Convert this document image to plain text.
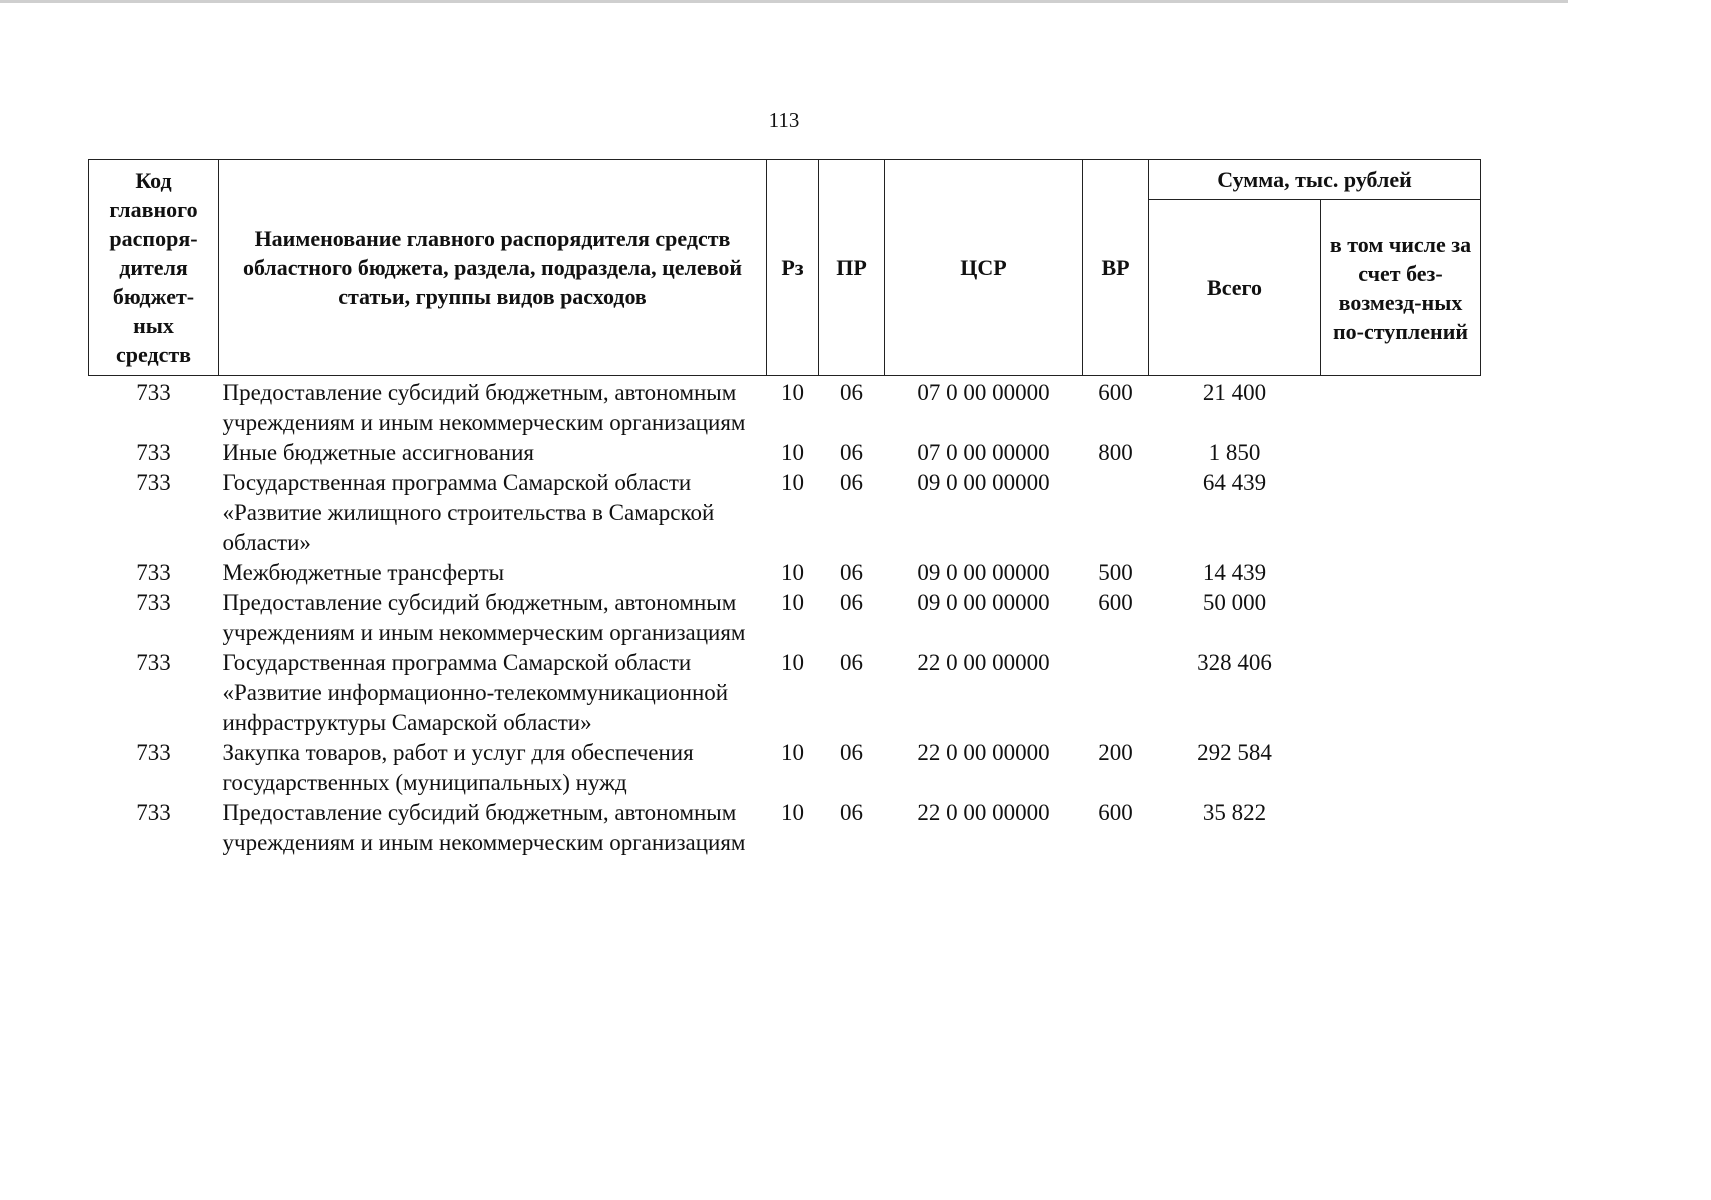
113
Код главного распоря-дителя бюджет-ных средств	Наименование главного распорядителя средств областного бюджета, раздела, подраздела, целевой статьи, группы видов расходов	Рз	ПР	ЦСР	ВР	Сумма, тыс. рублей	
						Всего	в том числе за счет без-возмезд-ных по-ступлений
733	Предоставление субсидий бюджетным, автономным учреждениям и иным некоммерческим организациям	10	06	07 0 00 00000	600	21 400	
733	Иные бюджетные ассигнования	10	06	07 0 00 00000	800	1 850	
733	Государственная программа Самарской области «Развитие жилищного строительства в Самарской области»	10	06	09 0 00 00000		64 439	
733	Межбюджетные трансферты	10	06	09 0 00 00000	500	14 439	
733	Предоставление субсидий бюджетным, автономным учреждениям и иным некоммерческим организациям	10	06	09 0 00 00000	600	50 000	
733	Государственная программа Самарской области «Развитие информационно-телекоммуникационной инфраструктуры Самарской области»	10	06	22 0 00 00000		328 406	
733	Закупка товаров, работ и услуг для обеспечения государственных (муниципальных) нужд	10	06	22 0 00 00000	200	292 584	
733	Предоставление субсидий бюджетным, автономным учреждениям и иным некоммерческим организациям	10	06	22 0 00 00000	600	35 822	
